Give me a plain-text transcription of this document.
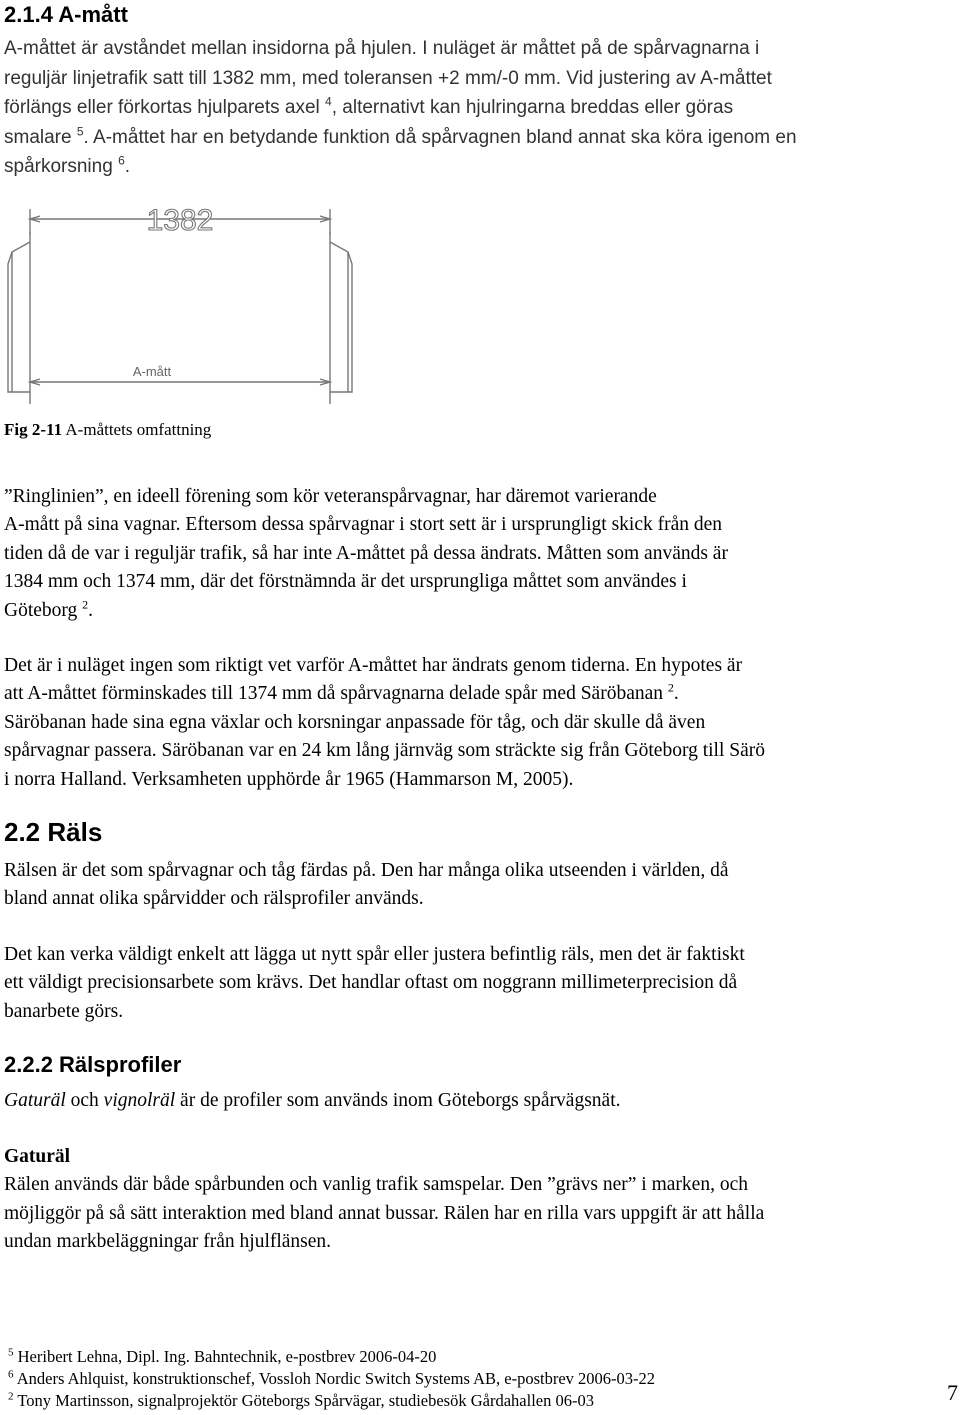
2.1.4 A-mått
A-måttet är avståndet mellan insidorna på hjulen. I nuläget är måttet på de spårvagnarna i
reguljär linjetrafik satt till 1382 mm, med toleransen +2 mm/-0 mm. Vid justering av A-måttet
förlängs eller förkortas hjulparets axel $^4$, alternativt kan hjulringarna breddas eller göras
smalare $^5$. A-måttet har en betydande funktion då spårvagnen bland annat ska köra igenom en
spårkorsning $^6$.
1382
A-mått
Fig 2-11 A-måttets omfattning
”Ringlinien”, en ideell förening som kör veteranspårvagnar, har däremot varierande
A-mått på sina vagnar. Eftersom dessa spårvagnar i stort sett är i ursprungligt skick från den
tiden då de var i reguljär trafik, så har inte A-måttet på dessa ändrats. Måtten som används är
1384 mm och 1374 mm, där det förstnämnda är det ursprungliga måttet som användes i
Göteborg $^2$.
Det är i nuläget ingen som riktigt vet varför A-måttet har ändrats genom tiderna. En hypotes är
att A-måttet förminskades till 1374 mm då spårvagnarna delade spår med Säröbanan $^2$.
Säröbanan hade sina egna växlar och korsningar anpassade för tåg, och där skulle då även
spårvagnar passera. Säröbanan var en 24 km lång järnväg som sträckte sig från Göteborg till Särö
i norra Halland. Verksamheten upphörde år 1965 (Hammarson M, 2005).
2.2 Räls
Rälsen är det som spårvagnar och tåg färdas på. Den har många olika utseenden i världen, då
bland annat olika spårvidder och rälsprofiler används.
Det kan verka väldigt enkelt att lägga ut nytt spår eller justera befintlig räls, men det är faktiskt
ett väldigt precisionsarbete som krävs. Det handlar oftast om noggrann millimeterprecision då
banarbete görs.
2.2.2 Rälsprofiler
Gaturäl och vignolräl är de profiler som används inom Göteborgs spårvägsnät.
Gaturäl
Rälen används där både spårbunden och vanlig trafik samspelar. Den ”grävs ner” i marken, och
möjliggör på så sätt interaktion med bland annat bussar. Rälen har en rilla vars uppgift är att hålla
undan markbeläggningar från hjulflänsen.
$^5$ Heribert Lehna, Dipl. Ing. Bahntechnik, e-postbrev 2006-04-20
$^6$ Anders Ahlquist, konstruktionschef, Vossloh Nordic Switch Systems AB, e-postbrev 2006-03-22
$^2$ Tony Martinsson, signalprojektör Göteborgs Spårvägar, studiebesök Gårdahallen 06-03	7
